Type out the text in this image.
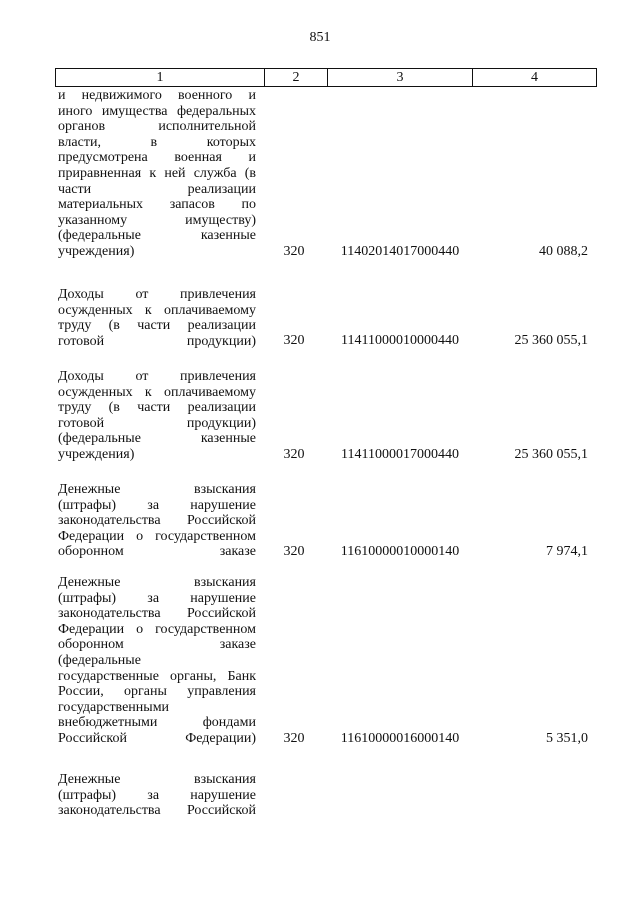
851
1	2	3	4
и недвижимого военного и
иного имущества федеральных
органов исполнительной
власти, в которых
предусмотрена военная и
приравненная к ней служба (в
части реализации
материальных запасов по
указанному имуществу)
(федеральные казенные
учреждения)	320	11402014017000440	40 088,2
Доходы от привлечения
осужденных к оплачиваемому
труду (в части реализации
готовой продукции)	320	11411000010000440	25 360 055,1
Доходы от привлечения
осужденных к оплачиваемому
труду (в части реализации
готовой продукции)
(федеральные казенные
учреждения)	320	11411000017000440	25 360 055,1
Денежные взыскания
(штрафы) за нарушение
законодательства Российской
Федерации о государственном
оборонном заказе	320	11610000010000140	7 974,1
Денежные взыскания
(штрафы) за нарушение
законодательства Российской
Федерации о государственном
оборонном заказе
(федеральные
государственные органы, Банк
России, органы управления
государственными
внебюджетными фондами
Российской Федерации)	320	11610000016000140	5 351,0
Денежные взыскания
(штрафы) за нарушение
законодательства Российской
